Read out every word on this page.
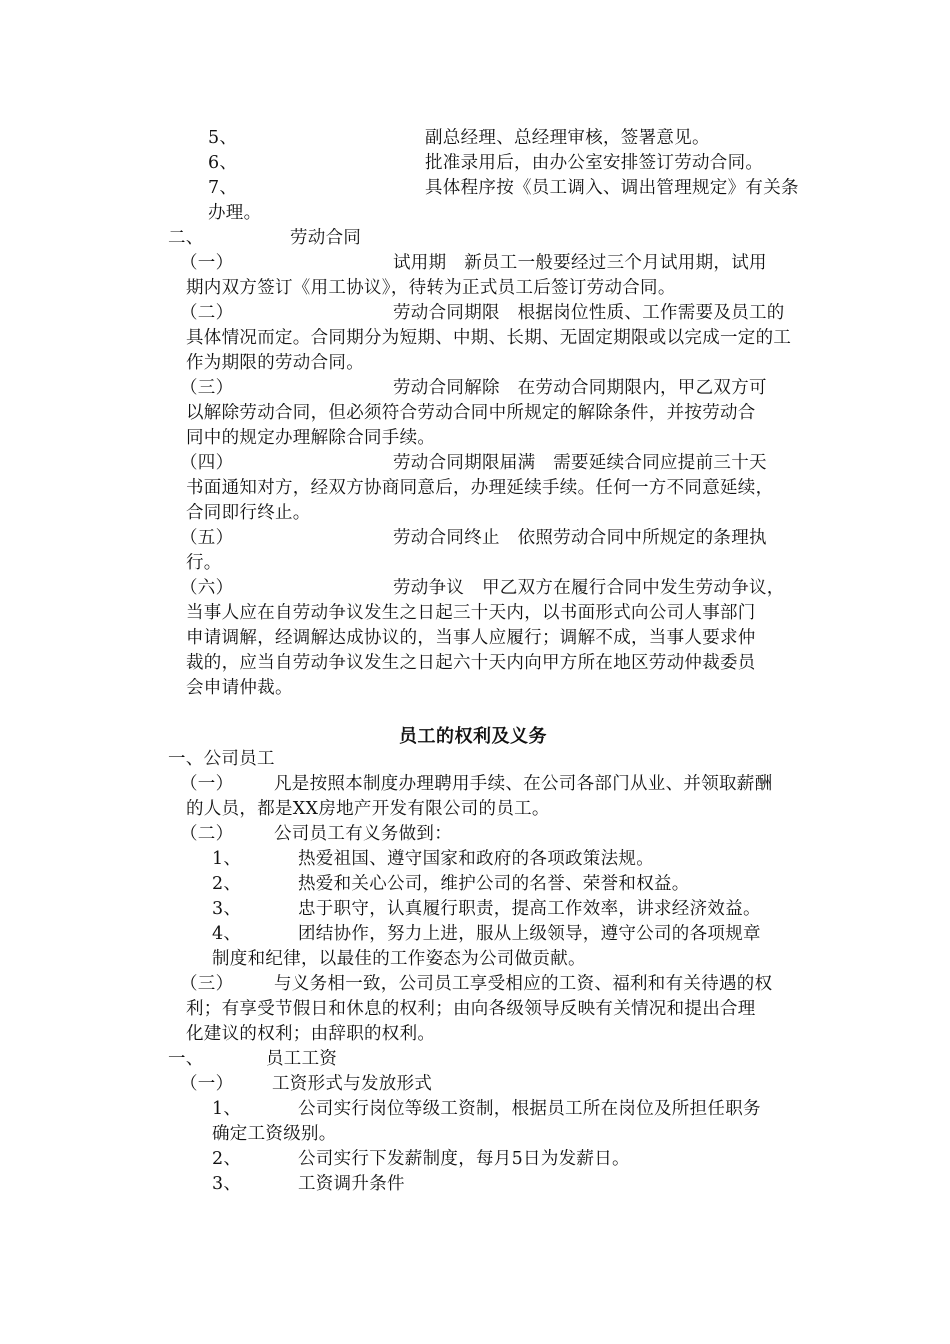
5、	副总经理、总经理审核，签署意见。
6、	批准录用后，由办公室安排签订劳动合同。
7、	具体程序按《员工调入、调出管理规定》有关条
办理。
二、	劳动合同
（一）	试用期　新员工一般要经过三个月试用期，试用
期内双方签订《用工协议》，待转为正式员工后签订劳动合同。
（二）	劳动合同期限　根据岗位性质、工作需要及员工的
具体情况而定。合同期分为短期、中期、长期、无固定期限或以完成一定的工
作为期限的劳动合同。
（三）	劳动合同解除　在劳动合同期限内，甲乙双方可
以解除劳动合同，但必须符合劳动合同中所规定的解除条件，并按劳动合
同中的规定办理解除合同手续。
（四）	劳动合同期限届满　需要延续合同应提前三十天
书面通知对方，经双方协商同意后，办理延续手续。任何一方不同意延续，
合同即行终止。
（五）	劳动合同终止　依照劳动合同中所规定的条理执
行。
（六）	劳动争议　甲乙双方在履行合同中发生劳动争议，
当事人应在自劳动争议发生之日起三十天内，以书面形式向公司人事部门
申请调解，经调解达成协议的，当事人应履行；调解不成，当事人要求仲
裁的，应当自劳动争议发生之日起六十天内向甲方所在地区劳动仲裁委员
会申请仲裁。
员工的权利及义务
一、公司员工
（一） 凡是按照本制度办理聘用手续、在公司各部门从业、并领取薪酬
的人员，都是XX房地产开发有限公司的员工。
（二） 公司员工有义务做到：
1、	热爱祖国、遵守国家和政府的各项政策法规。
2、	热爱和关心公司，维护公司的名誉、荣誉和权益。
3、	忠于职守，认真履行职责，提高工作效率，讲求经济效益。
4、	团结协作，努力上进，服从上级领导，遵守公司的各项规章
制度和纪律，以最佳的工作姿态为公司做贡献。
（三） 与义务相一致，公司员工享受相应的工资、福利和有关待遇的权
利；有享受节假日和休息的权利；由向各级领导反映有关情况和提出合理
化建议的权利；由辞职的权利。
一、	员工工资
（一） 工资形式与发放形式
1、	公司实行岗位等级工资制，根据员工所在岗位及所担任职务
确定工资级别。
2、	公司实行下发薪制度，每月5日为发薪日。
3、	工资调升条件
